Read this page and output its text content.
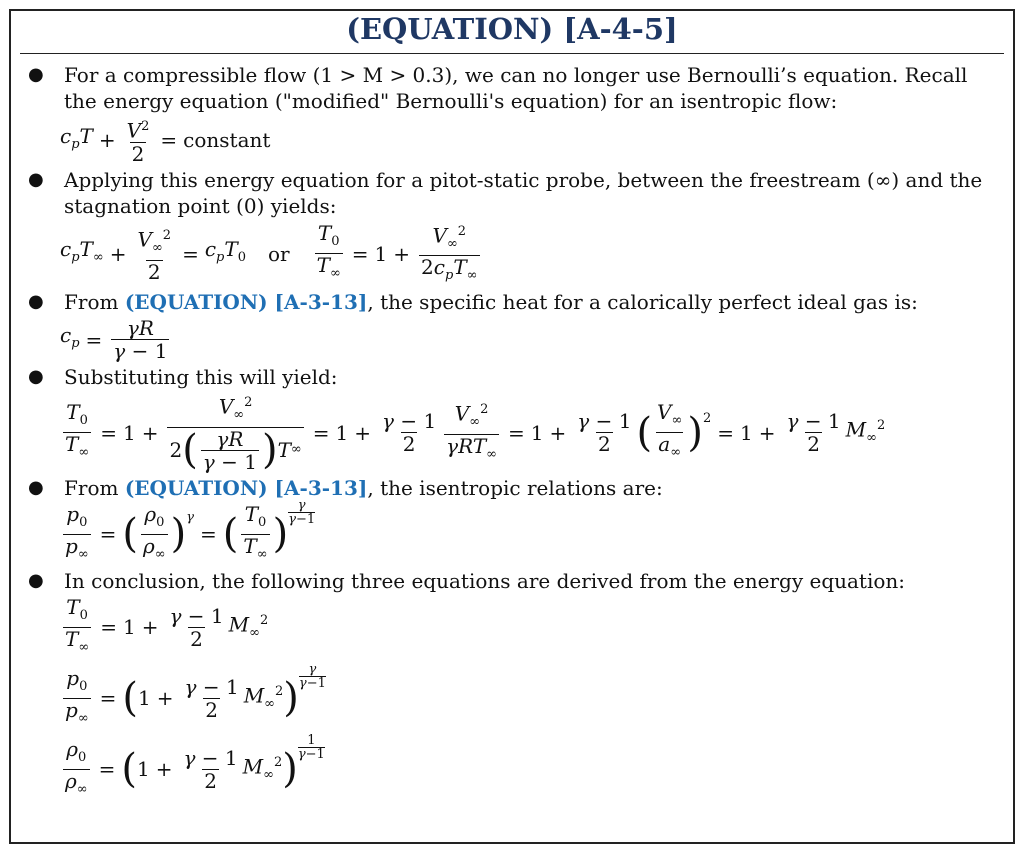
(EQUATION) [A-4-5]
●	For a compressible flow (1 > M > 0.3), we can no longer use Bernoulli’s equation. Recall the energy equation ("modified" Bernoulli's equation) for an isentropic flow:
$c_pT + \frac{V^2}{2}$ = constant
●	Applying this energy equation for a pitot-static probe, between the freestream (∞) and the stagnation point (0) yields:
$c_pT_\infty + \frac{V_\infty^2}{2} = c_pT_0$ or $\frac{T_0}{T_\infty} = 1 + \frac{V_\infty^2}{2c_pT_\infty}$
●	From (EQUATION) [A-3-13], the specific heat for a calorically perfect ideal gas is:
$c_p = \frac{\gamma R}{\gamma - 1}$
●	Substituting this will yield:
$\frac{T_0}{T_\infty} = 1 + \frac{V_\infty^2}{2 ( \frac{\gamma R}{\gamma - 1} ) T \infty} = 1 + \frac{\gamma - 1}{2} \frac{V_\infty^2}{\gamma RT_\infty} = 1 + \frac{\gamma - 1}{2}$ ( $\frac{V_\infty}{a_\infty} )^2$
= $1 + \frac{\gamma - 1}{2} M_\infty^2$
●	From (EQUATION) [A-3-13], the isentropic relations are:
$\frac{p_0}{p_\infty}$ = ( $\frac{\rho_0}{\rho_\infty} )^\gamma$
= ( $\frac{T_0}{T_\infty}$ )
γ
γ−1
●	In conclusion, the following three equations are derived from the energy equation:
$\frac{T_0}{T_\infty} = 1 + \frac{\gamma - 1}{2} M_\infty^2$
$\frac{p_0}{p_\infty}$ = ( $1 + \frac{\gamma - 1}{2} M_\infty^2$ )
γ
γ−1
$\frac{\rho_0}{\rho_\infty}$ = ( $1 + \frac{\gamma - 1}{2} M_\infty^2$ )
1
γ−1
